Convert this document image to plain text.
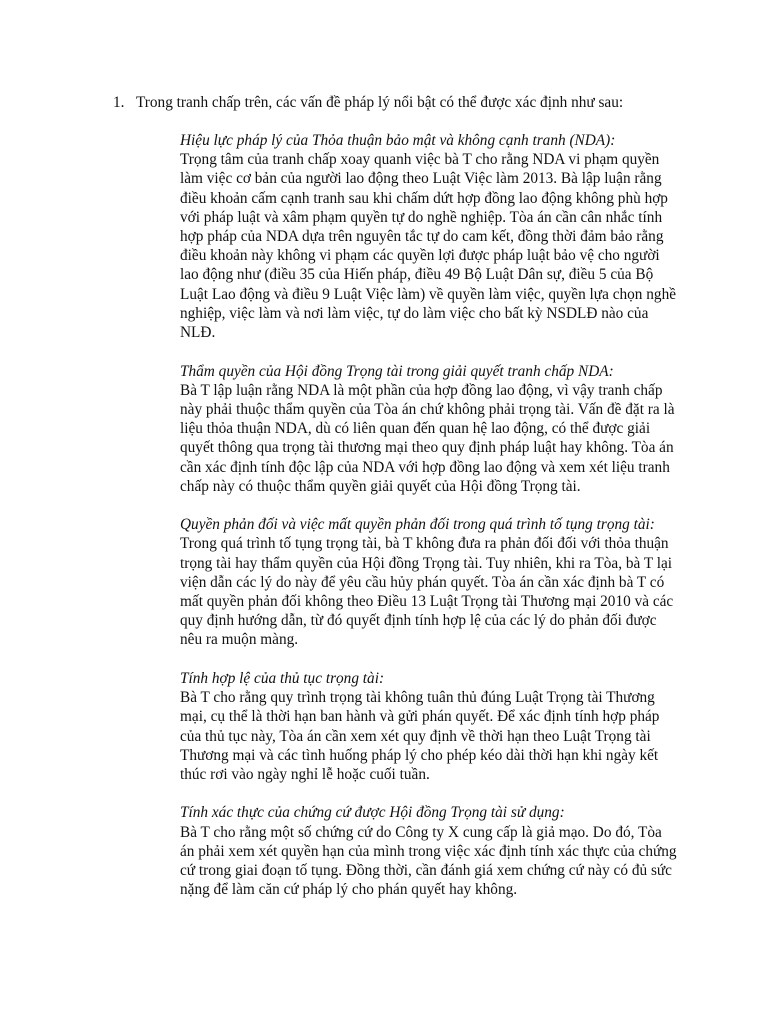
1. Trong tranh chấp trên, các vấn đề pháp lý nổi bật có thể được xác định như sau:

Hiệu lực pháp lý của Thỏa thuận bảo mật và không cạnh tranh (NDA):

Trọng tâm của tranh chấp xoay quanh việc bà T cho rằng NDA vi phạm quyền làm việc cơ bản của người lao động theo Luật Việc làm 2013. Bà lập luận rằng điều khoản cấm cạnh tranh sau khi chấm dứt hợp đồng lao động không phù hợp với pháp luật và xâm phạm quyền tự do nghề nghiệp. Tòa án cần cân nhắc tính hợp pháp của NDA dựa trên nguyên tắc tự do cam kết, đồng thời đảm bảo rằng điều khoản này không vi phạm các quyền lợi được pháp luật bảo vệ cho người lao động như (điều 35 của Hiến pháp, điều 49 Bộ Luật Dân sự, điều 5 của Bộ Luật Lao động và điều 9 Luật Việc làm) về quyền làm việc, quyền lựa chọn nghề nghiệp, việc làm và nơi làm việc, tự do làm việc cho bất kỳ NSDLĐ nào của NLĐ.

Thẩm quyền của Hội đồng Trọng tài trong giải quyết tranh chấp NDA:

Bà T lập luận rằng NDA là một phần của hợp đồng lao động, vì vậy tranh chấp này phải thuộc thẩm quyền của Tòa án chứ không phải trọng tài. Vấn đề đặt ra là liệu thỏa thuận NDA, dù có liên quan đến quan hệ lao động, có thể được giải quyết thông qua trọng tài thương mại theo quy định pháp luật hay không. Tòa án cần xác định tính độc lập của NDA với hợp đồng lao động và xem xét liệu tranh chấp này có thuộc thẩm quyền giải quyết của Hội đồng Trọng tài.

Quyền phản đối và việc mất quyền phản đối trong quá trình tố tụng trọng tài: Trong quá trình tố tụng trọng tài, bà T không đưa ra phản đối đối với thỏa thuận trọng tài hay thẩm quyền của Hội đồng Trọng tài. Tuy nhiên, khi ra Tòa, bà T lại viện dẫn các lý do này để yêu cầu hủy phán quyết. Tòa án cần xác định bà T có mất quyền phản đối không theo Điều 13 Luật Trọng tài Thương mại 2010 và các quy định hướng dẫn, từ đó quyết định tính hợp lệ của các lý do phản đối được nêu ra muộn màng.

Tính hợp lệ của thủ tục trọng tài:

Bà T cho rằng quy trình trọng tài không tuân thủ đúng Luật Trọng tài Thương mại, cụ thể là thời hạn ban hành và gửi phán quyết. Để xác định tính hợp pháp của thủ tục này, Tòa án cần xem xét quy định về thời hạn theo Luật Trọng tài Thương mại và các tình huống pháp lý cho phép kéo dài thời hạn khi ngày kết thúc rơi vào ngày nghỉ lễ hoặc cuối tuần.

Tính xác thực của chứng cứ được Hội đồng Trọng tài sử dụng:

Bà T cho rằng một số chứng cứ do Công ty X cung cấp là giả mạo. Do đó, Tòa án phải xem xét quyền hạn của mình trong việc xác định tính xác thực của chứng cứ trong giai đoạn tố tụng. Đồng thời, cần đánh giá xem chứng cứ này có đủ sức nặng để làm căn cứ pháp lý cho phán quyết hay không.
